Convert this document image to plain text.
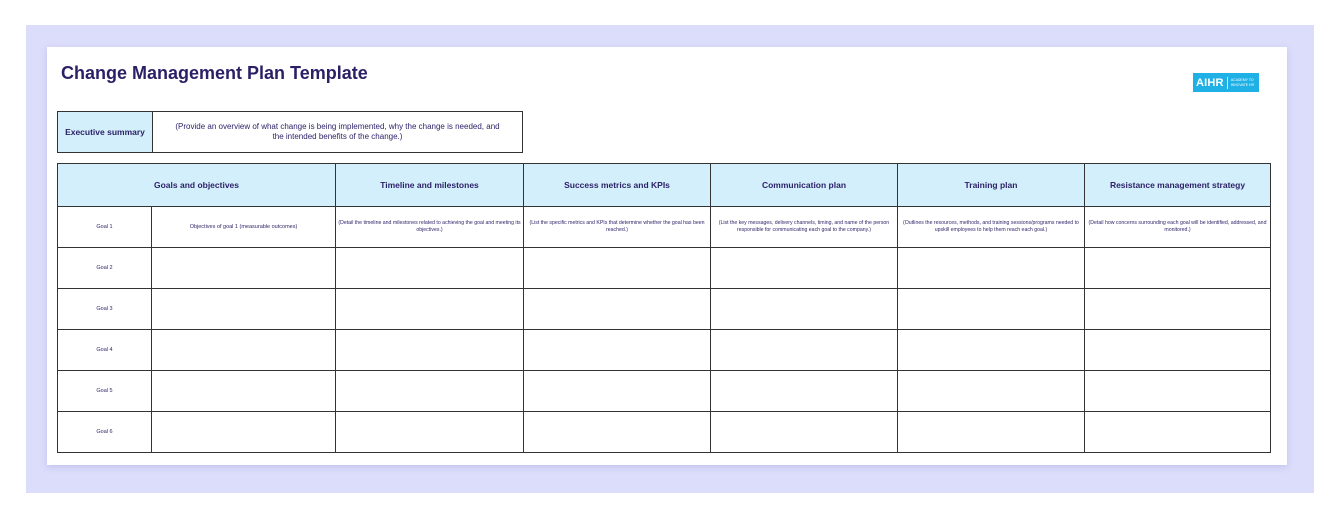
Change Management Plan Template	AIHR	ACADEMY TO
INNOVATE HR
Executive summary
(Provide an overview of what change is being implemented, why the change is needed, and the intended benefits of the change.)
Goals and objectives		Timeline and milestones	Success metrics and KPIs	Communication plan	Training plan	Resistance management strategy
Goal 1	Objectives of goal 1 (measurable outcomes)	(Detail the timeline and milestones related to achieving the goal and meeting its objectives.)	(List the specific metrics and KPIs that determine whether the goal has been reached.)	(List the key messages, delivery channels, timing, and name of the person responsible for communicating each goal to the company.)	(Outlines the resources, methods, and training sessions/programs needed to upskill employees to help them reach each goal.)	(Detail how concerns surrounding each goal will be identified, addressed, and monitored.)
Goal 2						
Goal 3						
Goal 4						
Goal 5						
Goal 6						
